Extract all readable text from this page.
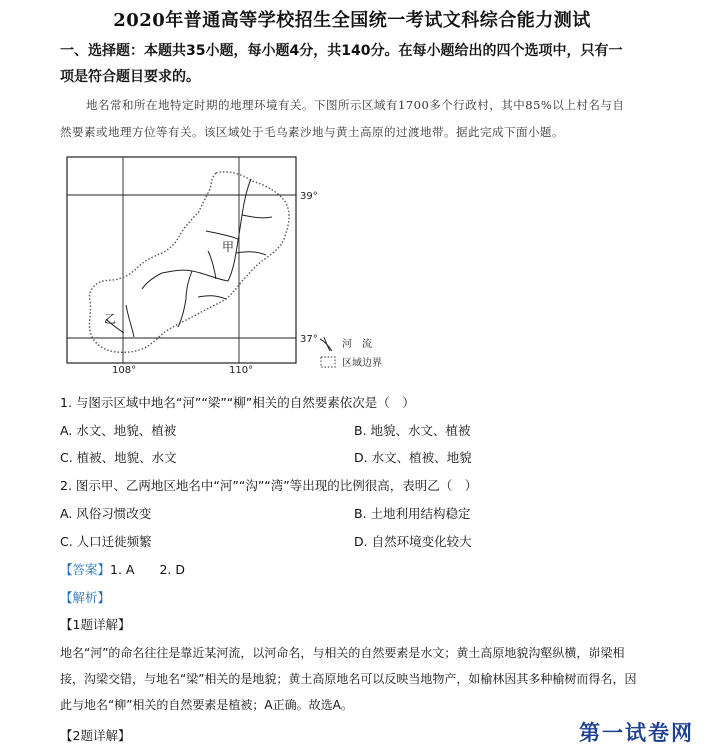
2020年普通高等学校招生全国统一考试文科综合能力测试
一、选择题：本题共35小题，每小题4分，共140分。在每小题给出的四个选项中，只有一
项是符合题目要求的。
地名常和所在地特定时期的地理环境有关。下图所示区域有1700多个行政村，其中85%以上村名与自
然要素或地理方位等有关。该区域处于毛乌素沙地与黄土高原的过渡地带。据此完成下面小题。
39°
37°
108°	110°
甲
乙
河　流
区域边界
1. 与图示区域中地名“河”“梁”“柳”相关的自然要素依次是（　）
A. 水文、地貌、植被	B. 地貌、水文、植被
C. 植被、地貌、水文	D. 水文、植被、地貌
2. 图示甲、乙两地区地名中“河”“沟”“湾”等出现的比例很高，表明乙（　）
A. 风俗习惯改变	B. 土地利用结构稳定
C. 人口迁徙频繁	D. 自然环境变化较大
【答案】1. A　　2. D
【解析】
【1题详解】
地名“河”的命名往往是靠近某河流，以河命名，与相关的自然要素是水文；黄土高原地貌沟壑纵横，峁梁相接，沟梁交错，与地名“梁”相关的是地貌；黄土高原地名可以反映当地物产，如榆林因其多种榆树而得名，因此与地名“柳”相关的自然要素是植被；A正确。故选A。
【2题详解】	第一试卷网
